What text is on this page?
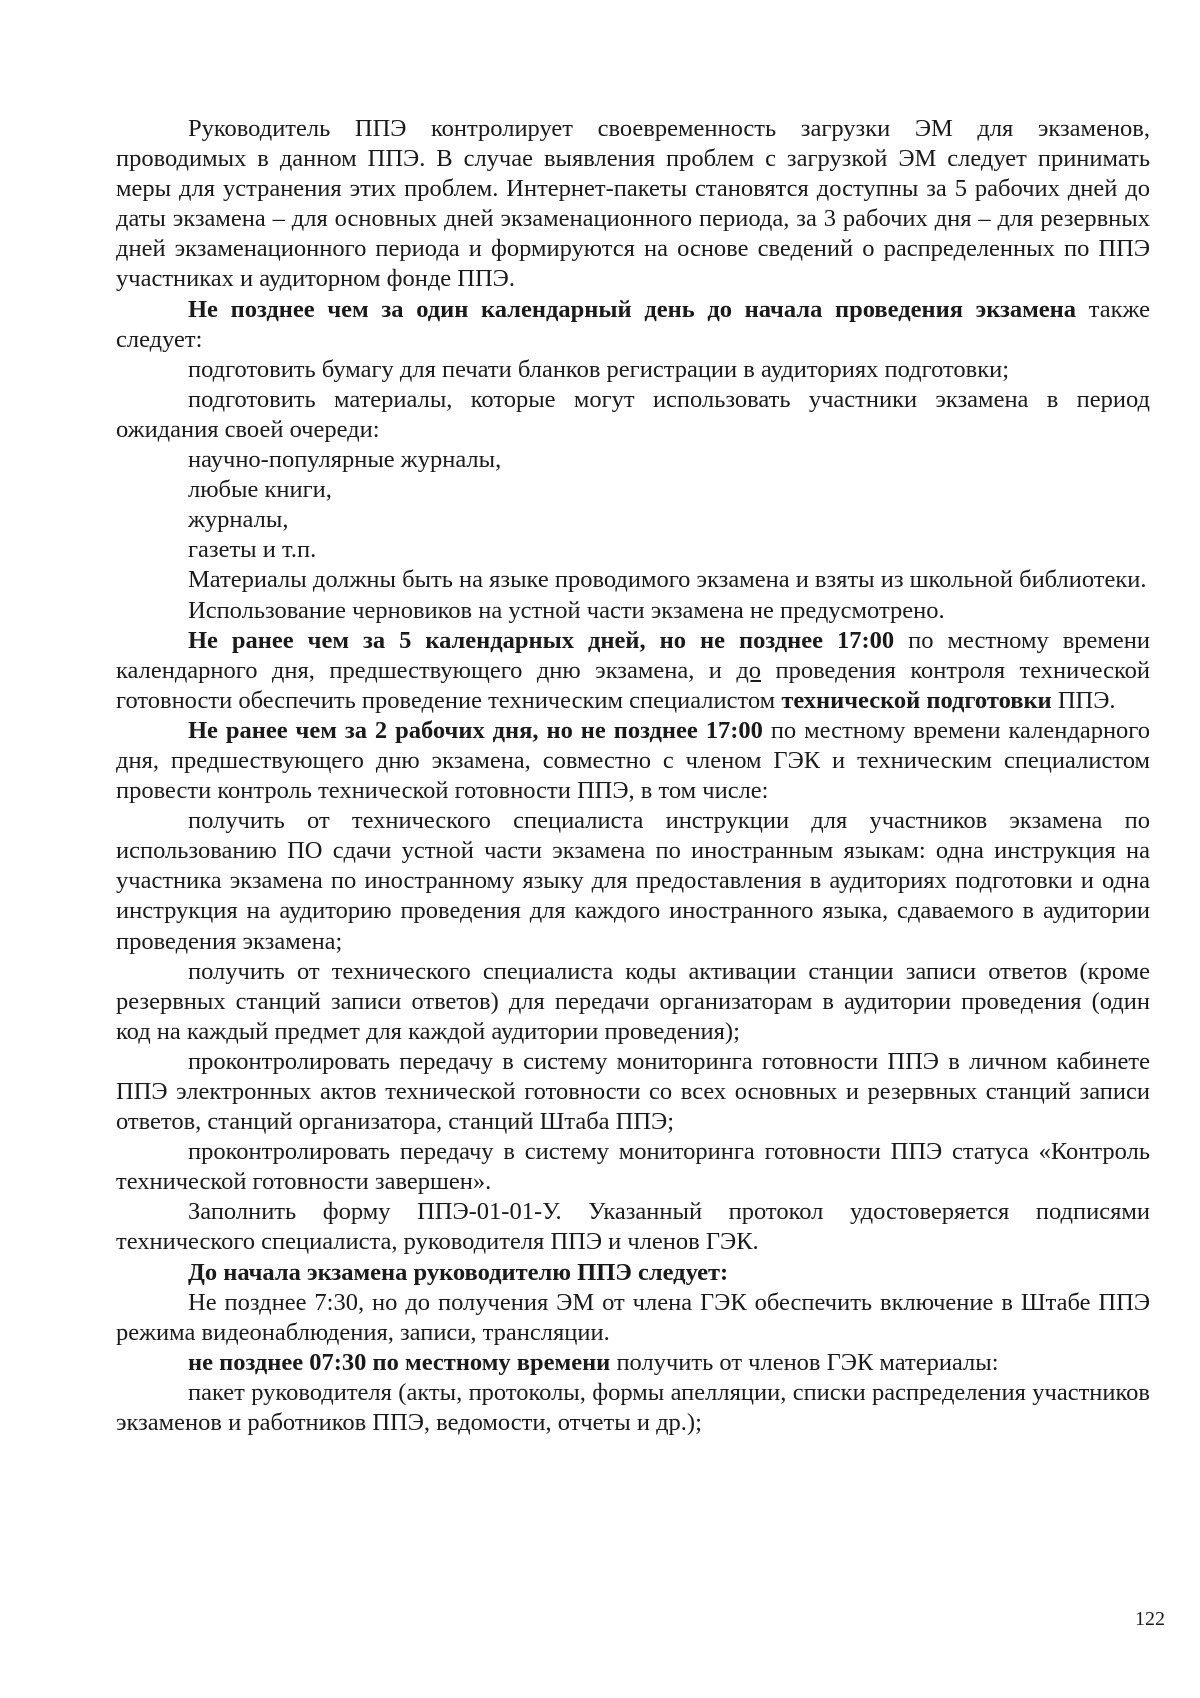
Руководитель ППЭ контролирует своевременность загрузки ЭМ для экзаменов, проводимых в данном ППЭ. В случае выявления проблем с загрузкой ЭМ следует принимать меры для устранения этих проблем. Интернет-пакеты становятся доступны за 5 рабочих дней до даты экзамена – для основных дней экзаменационного периода, за 3 рабочих дня – для резервных дней экзаменационного периода и формируются на основе сведений о распределенных по ППЭ участниках и аудиторном фонде ППЭ.

Не позднее чем за один календарный день до начала проведения экзамена также следует:

подготовить бумагу для печати бланков регистрации в аудиториях подготовки;

подготовить материалы, которые могут использовать участники экзамена в период ожидания своей очереди:

научно-популярные журналы,

любые книги,

журналы,

газеты и т.п.

Материалы должны быть на языке проводимого экзамена и взяты из школьной библиотеки.

Использование черновиков на устной части экзамена не предусмотрено.

Не ранее чем за 5 календарных дней, но не позднее 17:00 по местному времени календарного дня, предшествующего дню экзамена, и до проведения контроля технической готовности обеспечить проведение техническим специалистом технической подготовки ППЭ.

Не ранее чем за 2 рабочих дня, но не позднее 17:00 по местному времени календарного дня, предшествующего дню экзамена, совместно с членом ГЭК и техническим специалистом провести контроль технической готовности ППЭ, в том числе:

получить от технического специалиста инструкции для участников экзамена по использованию ПО сдачи устной части экзамена по иностранным языкам: одна инструкция на участника экзамена по иностранному языку для предоставления в аудиториях подготовки и одна инструкция на аудиторию проведения для каждого иностранного языка, сдаваемого в аудитории проведения экзамена;

получить от технического специалиста коды активации станции записи ответов (кроме резервных станций записи ответов) для передачи организаторам в аудитории проведения (один код на каждый предмет для каждой аудитории проведения);

проконтролировать передачу в систему мониторинга готовности ППЭ в личном кабинете ППЭ электронных актов технической готовности со всех основных и резервных станций записи ответов, станций организатора, станций Штаба ППЭ;

проконтролировать передачу в систему мониторинга готовности ППЭ статуса «Контроль технической готовности завершен».

Заполнить форму ППЭ-01-01-У. Указанный протокол удостоверяется подписями технического специалиста, руководителя ППЭ и членов ГЭК.

До начала экзамена руководителю ППЭ следует:

Не позднее 7:30, но до получения ЭМ от члена ГЭК обеспечить включение в Штабе ППЭ режима видеонаблюдения, записи, трансляции.

не позднее 07:30 по местному времени получить от членов ГЭК материалы:

пакет руководителя (акты, протоколы, формы апелляции, списки распределения участников экзаменов и работников ППЭ, ведомости, отчеты и др.);

122
